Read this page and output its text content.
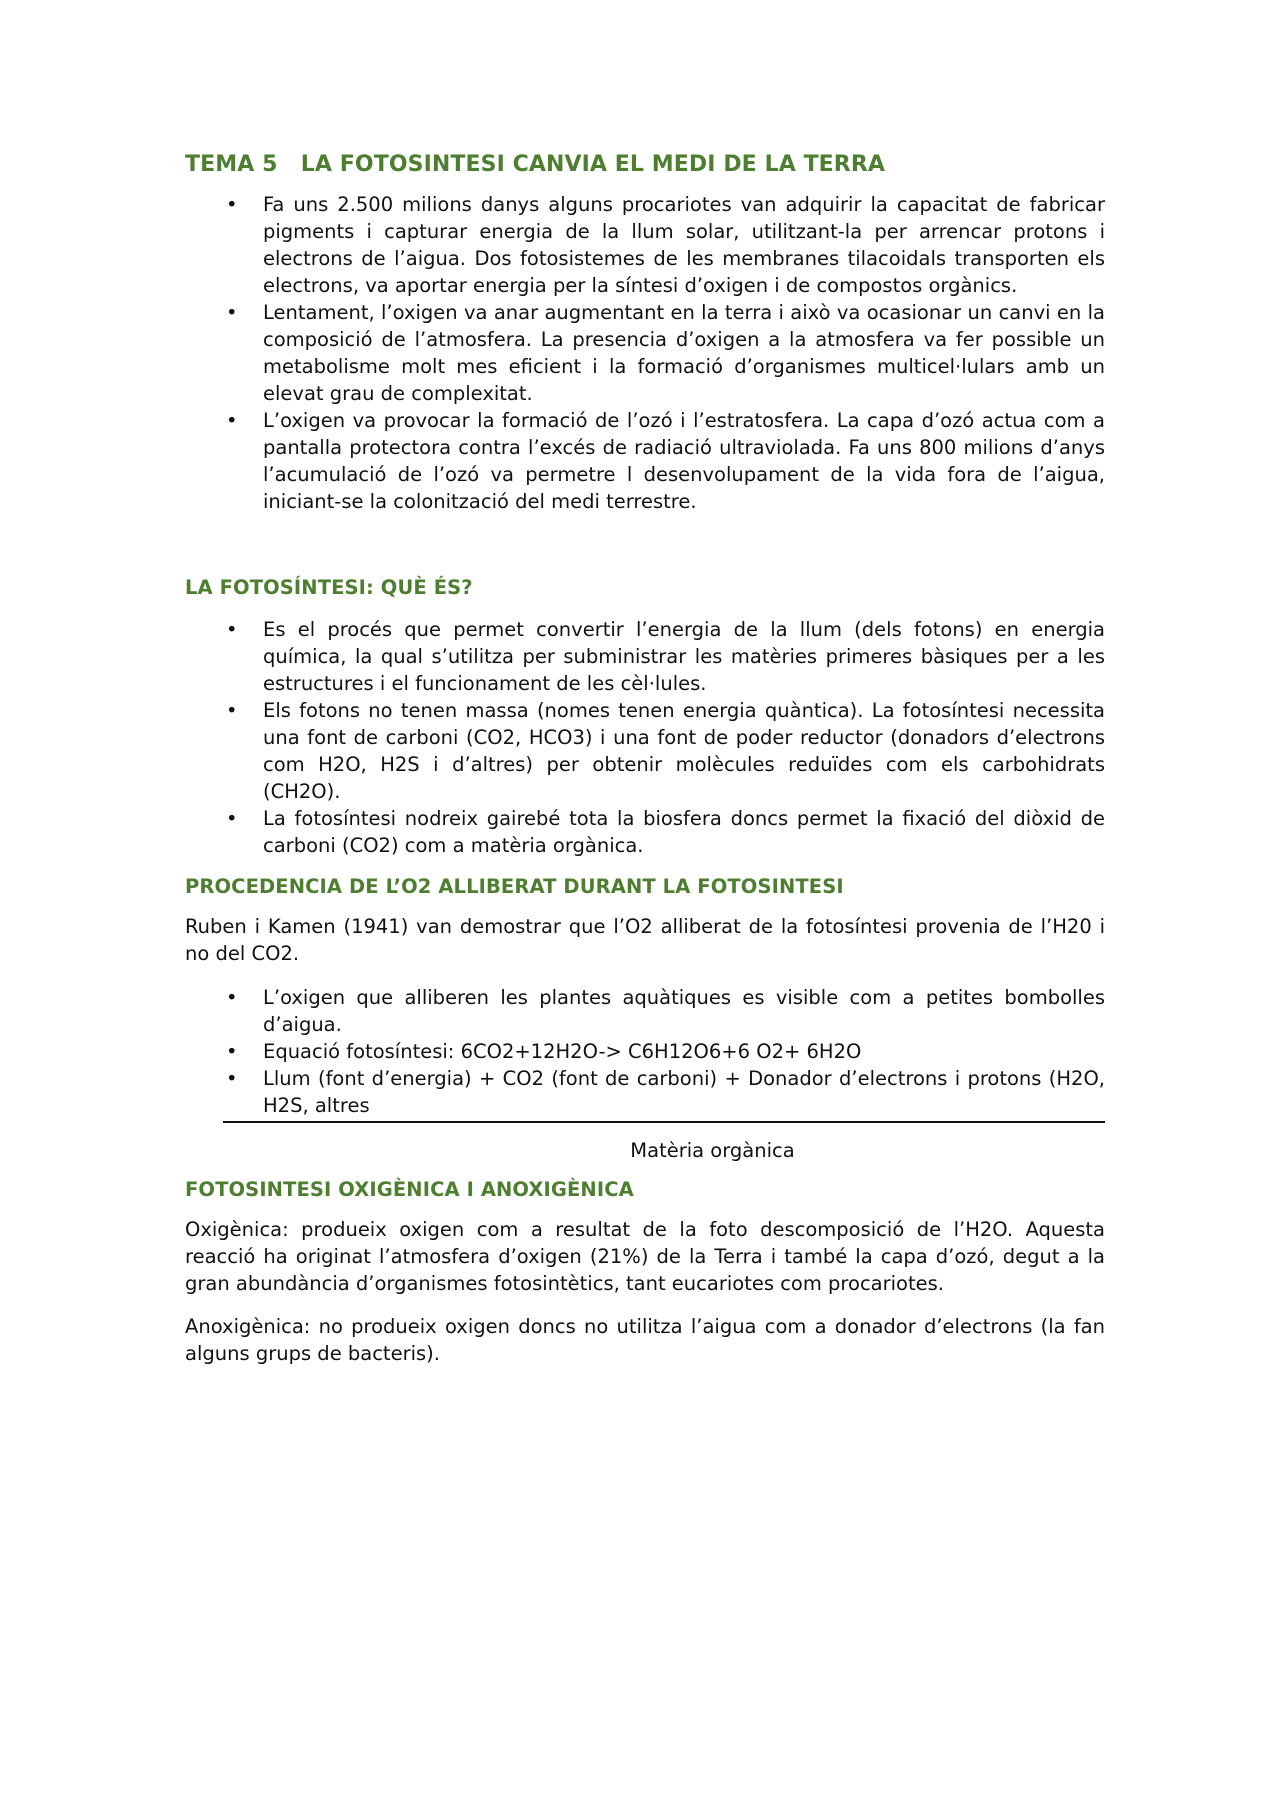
TEMA 5   LA FOTOSINTESI CANVIA EL MEDI DE LA TERRA
• Fa uns 2.500 milions danys alguns procariotes van adquirir la capacitat de fabricar pigments i capturar energia de la llum solar, utilitzant-la per arrencar protons i electrons de l’aigua. Dos fotosistemes de les membranes tilacoidals transporten els electrons, va aportar energia per la síntesi d’oxigen i de compostos orgànics.
• Lentament, l’oxigen va anar augmentant en la terra i això va ocasionar un canvi en la composició de l’atmosfera. La presencia d’oxigen a la atmosfera va fer possible un metabolisme molt mes eficient i la formació d’organismes multicel·lulars amb un elevat grau de complexitat.
• L’oxigen va provocar la formació de l’ozó i l’estratosfera. La capa d’ozó actua com a pantalla protectora contra l’excés de radiació ultraviolada. Fa uns 800 milions d’anys l’acumulació de l’ozó va permetre l desenvolupament de la vida fora de l’aigua, iniciant-se la colonització del medi terrestre.
LA FOTOSÍNTESI: QUÈ ÉS?
• Es el procés que permet convertir l’energia de la llum (dels fotons) en energia química, la qual s’utilitza per subministrar les matèries primeres bàsiques per a les estructures i el funcionament de les cèl·lules.
• Els fotons no tenen massa (nomes tenen energia quàntica). La fotosíntesi necessita una font de carboni (CO2, HCO3) i una font de poder reductor (donadors d’electrons com H2O, H2S i d’altres) per obtenir molècules reduïdes com els carbohidrats (CH2O).
• La fotosíntesi nodreix gairebé tota la biosfera doncs permet la fixació del diòxid de carboni (CO2) com a matèria orgànica.
PROCEDENCIA DE L’O2 ALLIBERAT DURANT LA FOTOSINTESI

Ruben i Kamen (1941) van demostrar que l’O2 alliberat de la fotosíntesi provenia de l’H20 i no del CO2.

• L’oxigen que alliberen les plantes aquàtiques es visible com a petites bombolles d’aigua.
• Equació fotosíntesi: 6CO2+12H2O-> C6H12O6+6 O2+ 6H2O
• Llum (font d’energia) + CO2 (font de carboni) + Donador d’electrons i protons (H2O, H2S, altres
Matèria orgànica
FOTOSINTESI OXIGÈNICA I ANOXIGÈNICA

Oxigènica: produeix oxigen com a resultat de la foto descomposició de l’H2O. Aquesta reacció ha originat l’atmosfera d’oxigen (21%) de la Terra i també la capa d’ozó, degut a la gran abundància d’organismes fotosintètics, tant eucariotes com procariotes.

Anoxigènica: no produeix oxigen doncs no utilitza l’aigua com a donador d’electrons (la fan alguns grups de bacteris).
